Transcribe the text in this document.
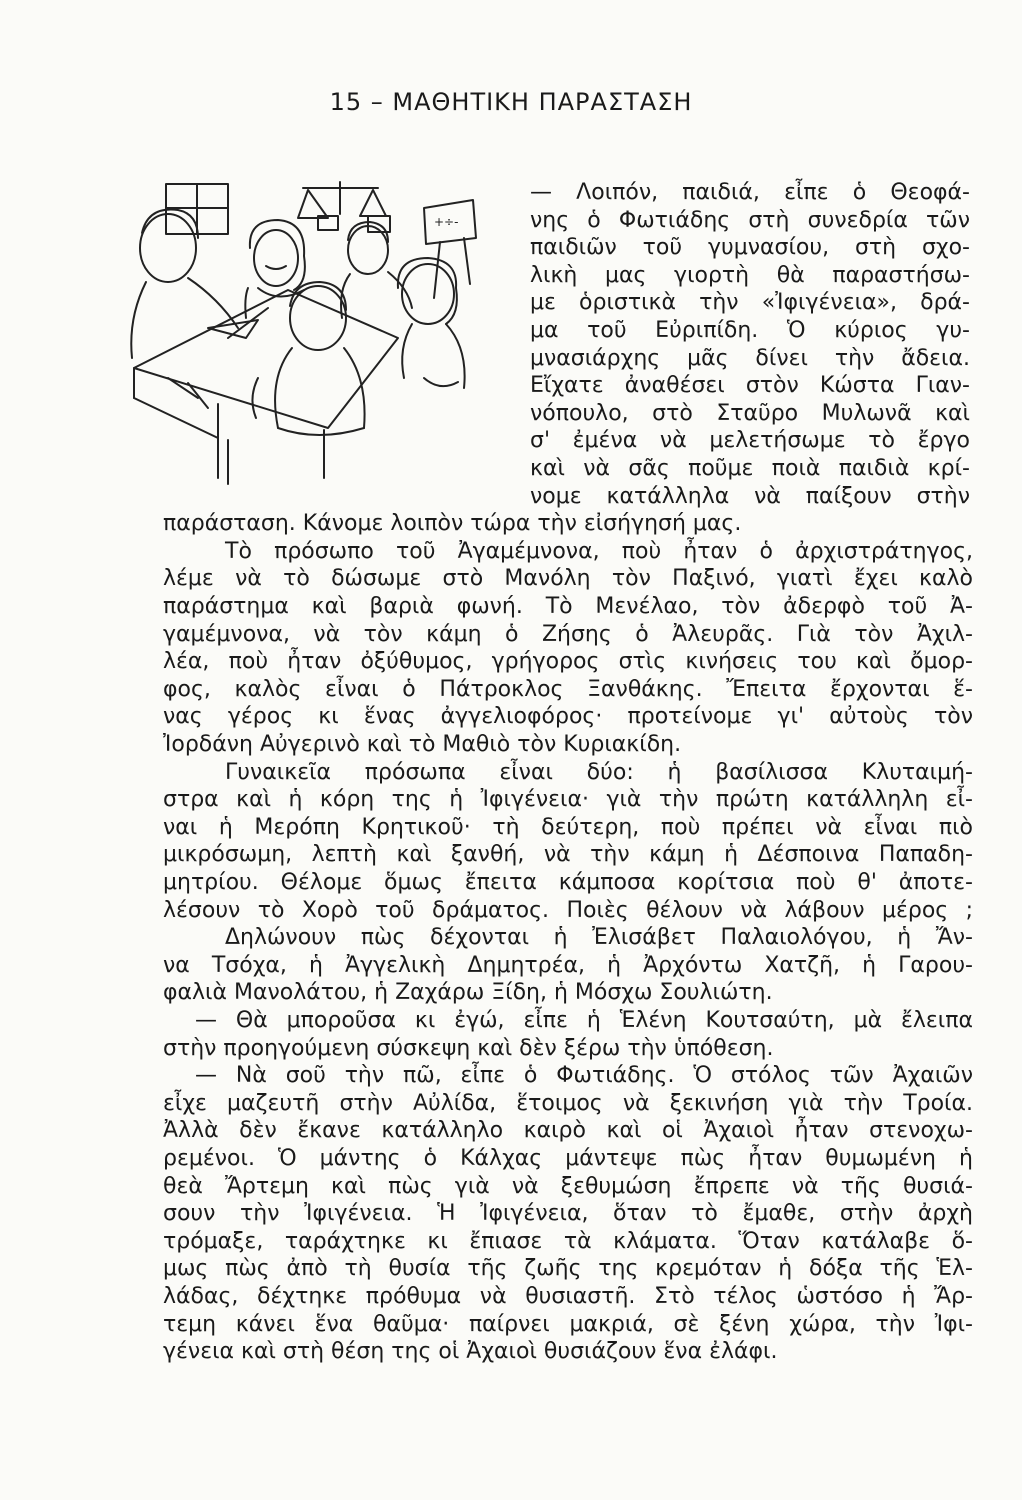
15 – ΜΑΘΗΤΙΚΗ ΠΑΡΑΣΤΑΣΗ
+÷-
— Λοιπόν, παιδιά, εἶπε ὁ Θεοφά-
νης ὁ Φωτιάδης στὴ συνεδρία τῶν
παιδιῶν τοῦ γυμνασίου, στὴ σχο-
λικὴ μας γιορτὴ θὰ παραστήσω-
με ὁριστικὰ τὴν «Ἰφιγένεια», δρά-
μα τοῦ Εὐριπίδη. Ὁ κύριος γυ-
μνασιάρχης μᾶς δίνει τὴν ἄδεια.
Εἴχατε ἀναθέσει στὸν Κώστα Γιαν-
νόπουλο, στὸ Σταῦρο Μυλωνᾶ καὶ
σ' ἐμένα νὰ μελετήσωμε τὸ ἔργο
καὶ νὰ σᾶς ποῦμε ποιὰ παιδιὰ κρί-
νομε κατάλληλα νὰ παίξουν στὴν
παράσταση. Κάνομε λοιπὸν τώρα τὴν εἰσήγησή μας.
Τὸ πρόσωπο τοῦ Ἀγαμέμνονα, ποὺ ἦταν ὁ ἀρχιστράτηγος,
λέμε νὰ τὸ δώσωμε στὸ Μανόλη τὸν Παξινό, γιατὶ ἔχει καλὸ
παράστημα καὶ βαριὰ φωνή. Τὸ Μενέλαο, τὸν ἀδερφὸ τοῦ Ἀ-
γαμέμνονα, νὰ τὸν κάμη ὁ Ζήσης ὁ Ἀλευρᾶς. Γιὰ τὸν Ἀχιλ-
λέα, ποὺ ἦταν ὀξύθυμος, γρήγορος στὶς κινήσεις του καὶ ὄμορ-
φος, καλὸς εἶναι ὁ Πάτροκλος Ξανθάκης. Ἔπειτα ἔρχονται ἕ-
νας γέρος κι ἕνας ἀγγελιοφόρος· προτείνομε γι' αὐτοὺς τὸν
Ἰορδάνη Αὐγερινὸ καὶ τὸ Μαθιὸ τὸν Κυριακίδη.
Γυναικεῖα πρόσωπα εἶναι δύο: ἡ βασίλισσα Κλυταιμή-
στρα καὶ ἡ κόρη της ἡ Ἰφιγένεια· γιὰ τὴν πρώτη κατάλληλη εἶ-
ναι ἡ Μερόπη Κρητικοῦ· τὴ δεύτερη, ποὺ πρέπει νὰ εἶναι πιὸ
μικρόσωμη, λεπτὴ καὶ ξανθή, νὰ τὴν κάμη ἡ Δέσποινα Παπαδη-
μητρίου. Θέλομε ὅμως ἔπειτα κάμποσα κορίτσια ποὺ θ' ἀποτε-
λέσουν τὸ Χορὸ τοῦ δράματος. Ποιὲς θέλουν νὰ λάβουν μέρος ;
Δηλώνουν πὼς δέχονται ἡ Ἐλισάβετ Παλαιολόγου, ἡ Ἄν-
να Τσόχα, ἡ Ἀγγελικὴ Δημητρέα, ἡ Ἀρχόντω Χατζῆ, ἡ Γαρου-
φαλιὰ Μανολάτου, ἡ Ζαχάρω Ξίδη, ἡ Μόσχω Σουλιώτη.
— Θὰ μποροῦσα κι ἐγώ, εἶπε ἡ Ἑλένη Κουτσαύτη, μὰ ἔλειπα
στὴν προηγούμενη σύσκεψη καὶ δὲν ξέρω τὴν ὑπόθεση.
— Νὰ σοῦ τὴν πῶ, εἶπε ὁ Φωτιάδης. Ὁ στόλος τῶν Ἀχαιῶν
εἶχε μαζευτῆ στὴν Αὐλίδα, ἕτοιμος νὰ ξεκινήση γιὰ τὴν Τροία.
Ἀλλὰ δὲν ἔκανε κατάλληλο καιρὸ καὶ οἱ Ἀχαιοὶ ἦταν στενοχω-
ρεμένοι. Ὁ μάντης ὁ Κάλχας μάντεψε πὼς ἦταν θυμωμένη ἡ
θεὰ Ἄρτεμη καὶ πὼς γιὰ νὰ ξεθυμώση ἔπρεπε νὰ τῆς θυσιά-
σουν τὴν Ἰφιγένεια. Ἡ Ἰφιγένεια, ὅταν τὸ ἔμαθε, στὴν ἀρχὴ
τρόμαξε, ταράχτηκε κι ἔπιασε τὰ κλάματα. Ὅταν κατάλαβε ὅ-
μως πὼς ἀπὸ τὴ θυσία τῆς ζωῆς της κρεμόταν ἡ δόξα τῆς Ἑλ-
λάδας, δέχτηκε πρόθυμα νὰ θυσιαστῆ. Στὸ τέλος ὡστόσο ἡ Ἄρ-
τεμη κάνει ἕνα θαῦμα· παίρνει μακριά, σὲ ξένη χώρα, τὴν Ἰφι-
γένεια καὶ στὴ θέση της οἱ Ἀχαιοὶ θυσιάζουν ἕνα ἐλάφι.
